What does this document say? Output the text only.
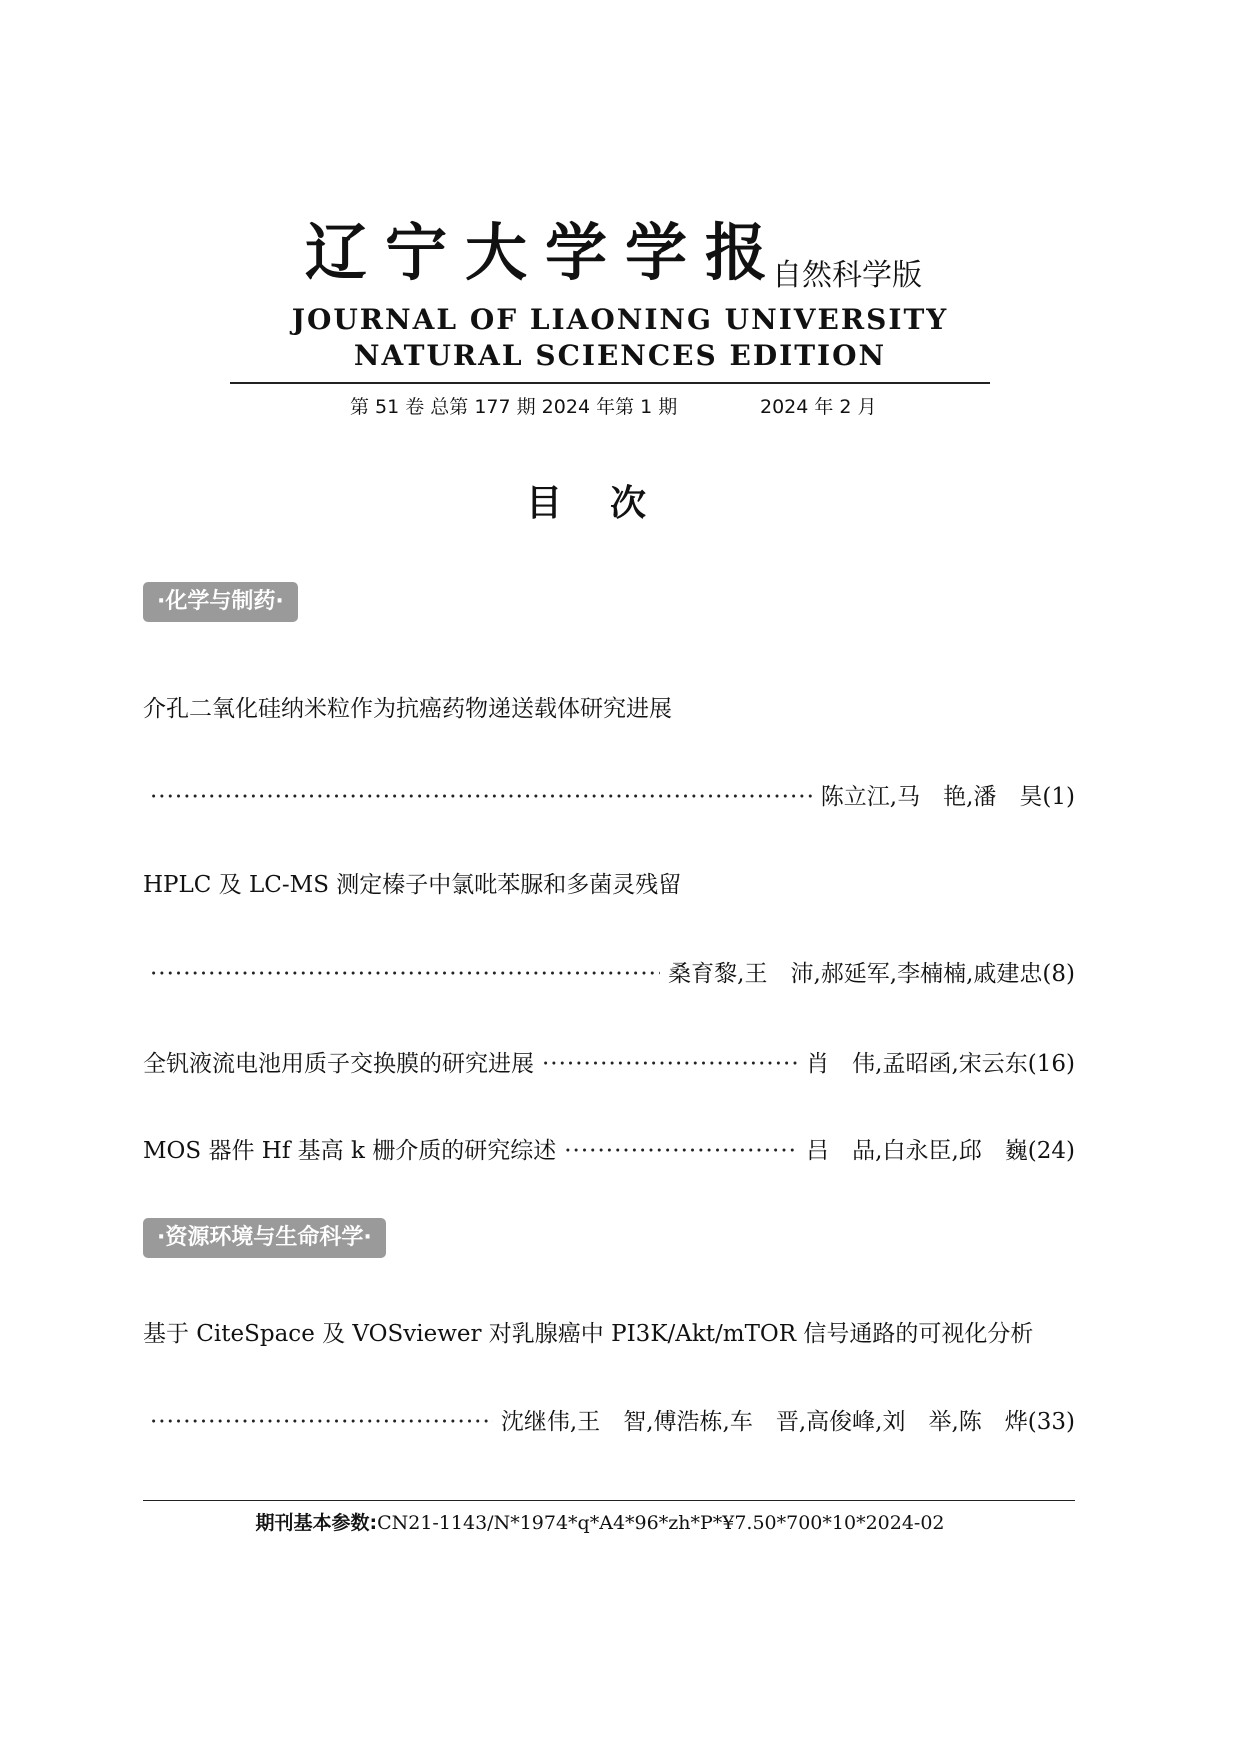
辽宁大学学报
自然科学版
JOURNAL OF LIAONING UNIVERSITY
NATURAL SCIENCES EDITION
第 51 卷 总第 177 期 2024 年第 1 期	2024 年 2 月
目次
·化学与制药·
介孔二氧化硅纳米粒作为抗癌药物递送载体研究进展
·····
陈立江,马　艳,潘　昊 (1)
HPLC 及 LC-MS 测定榛子中氯吡苯脲和多菌灵残留
·····
桑育黎,王　沛,郝延军,李楠楠,戚建忠 (8)
全钒液流电池用质子交换膜的研究进展 ·····	肖　伟,孟昭函,宋云东 (16)
MOS 器件 Hf 基高 k 栅介质的研究综述 ·····	吕　品,白永臣,邱　巍 (24)
·资源环境与生命科学·
基于 CiteSpace 及 VOSviewer 对乳腺癌中 PI3K/Akt/mTOR 信号通路的可视化分析
·····
沈继伟,王　智,傅浩栋,车　晋,高俊峰,刘　举,陈　烨 (33)
期刊基本参数:CN21-1143/N*1974*q*A4*96*zh*P*¥7.50*700*10*2024-02
